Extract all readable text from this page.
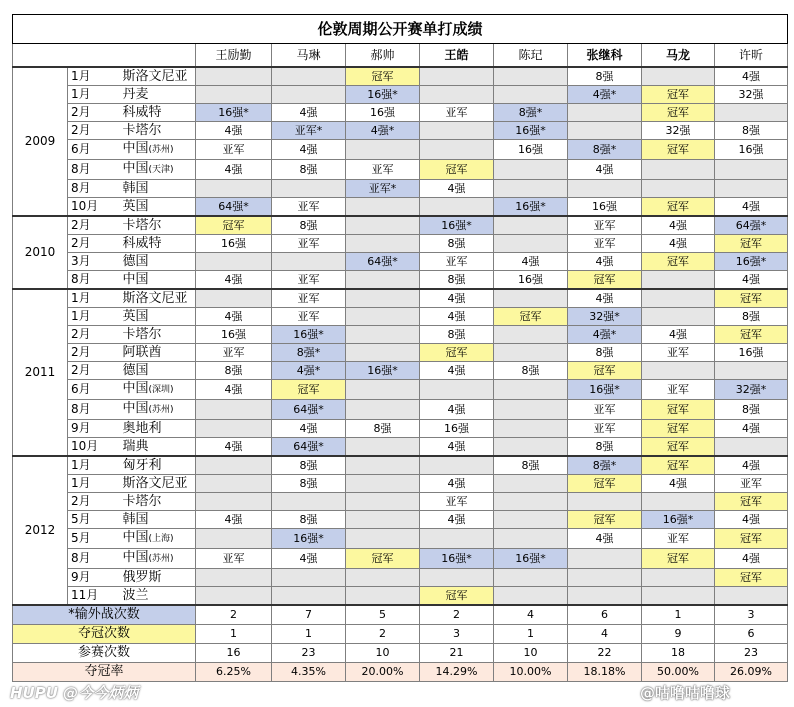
伦敦周期公开赛单打成绩										
			王励勤	马琳	郝帅	王皓	陈玘	张继科	马龙	许昕
2009	1月	斯洛文尼亚			冠军			8强		4强
	1月	丹麦			16强*			4强*	冠军	32强
	2月	科威特	16强*	4强	16强	亚军	8强*		冠军	
	2月	卡塔尔	4强	亚军*	4强*		16强*		32强	8强
	6月	中国(苏州)	亚军	4强			16强	8强*	冠军	16强
	8月	中国(天津)	4强	8强	亚军	冠军		4强		
	8月	韩国			亚军*	4强				
	10月	英国	64强*	亚军			16强*	16强	冠军	4强
2010	2月	卡塔尔	冠军	8强		16强*		亚军	4强	64强*
	2月	科威特	16强	亚军		8强		亚军	4强	冠军
	3月	德国			64强*	亚军	4强	4强	冠军	16强*
	8月	中国	4强	亚军		8强	16强	冠军		4强
2011	1月	斯洛文尼亚		亚军		4强		4强		冠军
	1月	英国	4强	亚军		4强	冠军	32强*		8强
	2月	卡塔尔	16强	16强*		8强		4强*	4强	冠军
	2月	阿联酋	亚军	8强*		冠军		8强	亚军	16强
	2月	德国	8强	4强*	16强*	4强	8强	冠军		
	6月	中国(深圳)	4强	冠军				16强*	亚军	32强*
	8月	中国(苏州)		64强*		4强		亚军	冠军	8强
	9月	奥地利		4强	8强	16强		亚军	冠军	4强
	10月	瑞典	4强	64强*		4强		8强	冠军	
2012	1月	匈牙利		8强			8强	8强*	冠军	4强
	1月	斯洛文尼亚		8强		4强		冠军	4强	亚军
	2月	卡塔尔				亚军				冠军
	5月	韩国	4强	8强		4强		冠军	16强*	4强
	5月	中国(上海)		16强*				4强	亚军	冠军
	8月	中国(苏州)	亚军	4强	冠军	16强*	16强*		冠军	4强
	9月	俄罗斯								冠军
	11月	波兰				冠军				
*输外战次数			2	7	5	2	4	6	1	3
夺冠次数			1	1	2	3	1	4	9	6
参赛次数			16	23	10	21	10	22	18	23
夺冠率			6.25%	4.35%	20.00%	14.29%	10.00%	18.18%	50.00%	26.09%
HUPU @今今炳炳	@咕噜咕噜球
